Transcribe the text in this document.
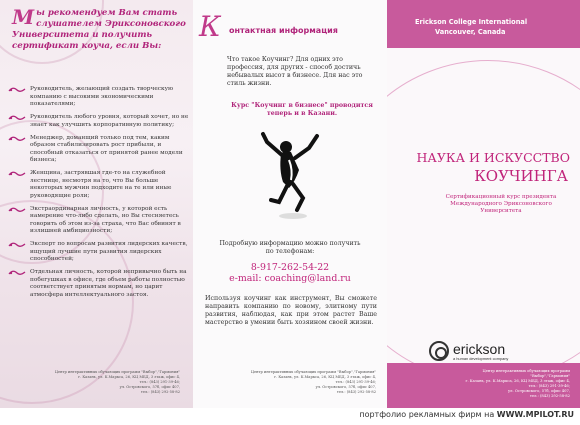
М ы рекомендуем Вам стать слушателем Эриксоновского Университета и получить сертификат коуча, если Вы:

Руководитель, желающий создать творческую компанию с высокими экономическими показателями;
Руководитель любого уровня, который хочет, но не знает как улучшить корпоративную политику;
Менеджер, доманщий только под тем, каким образом стабилизировать рост прибыли, и способный отказаться от принятой ранее модели бизнеса;
Женщина, застрявшая где-то на служебной лестнице, несмотря на то, что Вы больше некоторых мужчин подходите на те или иные руководящие роли;
Экстраординарная личность, у которой есть намерение что-либо сделать, но Вы стесняетесь говорить об этом из-за страха, что Вас обвинят в излишней амбициозности;
Эксперт по вопросам развития лидерских качеств, ищущий лучшие пути развития лидерских способностей;
Отдельная личность, которой непривычно быть на побегушках в офисе, где объем работы полностью соответствует принятым нормам, но царит атмосфера интеллектуального застоя.
Центр интерактивных обучающих программ "Выбор","Гармония"
г. Казань, ул. К.Маркса, 26, КЦ МБД, 3 этаж, офис 4,
тел.: (843) 291-39-46;
ул. Островского, 57б, офис 407,
тел.: (843) 292-58-82
К онтактная информация
Что такое Коучинг? Для одних это профессия, для других - способ достичь небывалых высот в бизнесе. Для нас это стиль жизни.
Курс "Коучинг в бизнесе" проводится теперь и в Казани.
Подробную информацию можно получить по телефонам:
8-917-262-54-22
e-mail: coaching@land.ru
Используя коучинг как инструмент, Вы сможете направить компанию по новому, элитному пути развития, наблюдая, как при этом растет Ваше мастерство в умении быть хозяином своей жизни.
Центр интерактивных обучающих программ "Выбор","Гармония"
г. Казань, ул. К.Маркса, 26, КЦ МБД, 3 этаж, офис 4,
тел.: (843) 291-39-46;
ул. Островского, 57б, офис 407,
тел.: (843) 292-58-82
Erickson College International
Vancouver, Canada
НАУКА И ИСКУССТВО
КОУЧИНГА
Сертификационный курс президента Международного Эриксоновского Университета
erickson
a human development company
Центр интерактивных обучающих программ
"Выбор","Гармония"
г. Казань, ул. К.Маркса, 26, КЦ МБД, 3 этаж, офис 4,
тел.: (843) 291-39-46;
ул. Островского, 57б, офис 407,
тел.: (843) 292-58-82
портфолио рекламных фирм на WWW.MPILOT.RU
